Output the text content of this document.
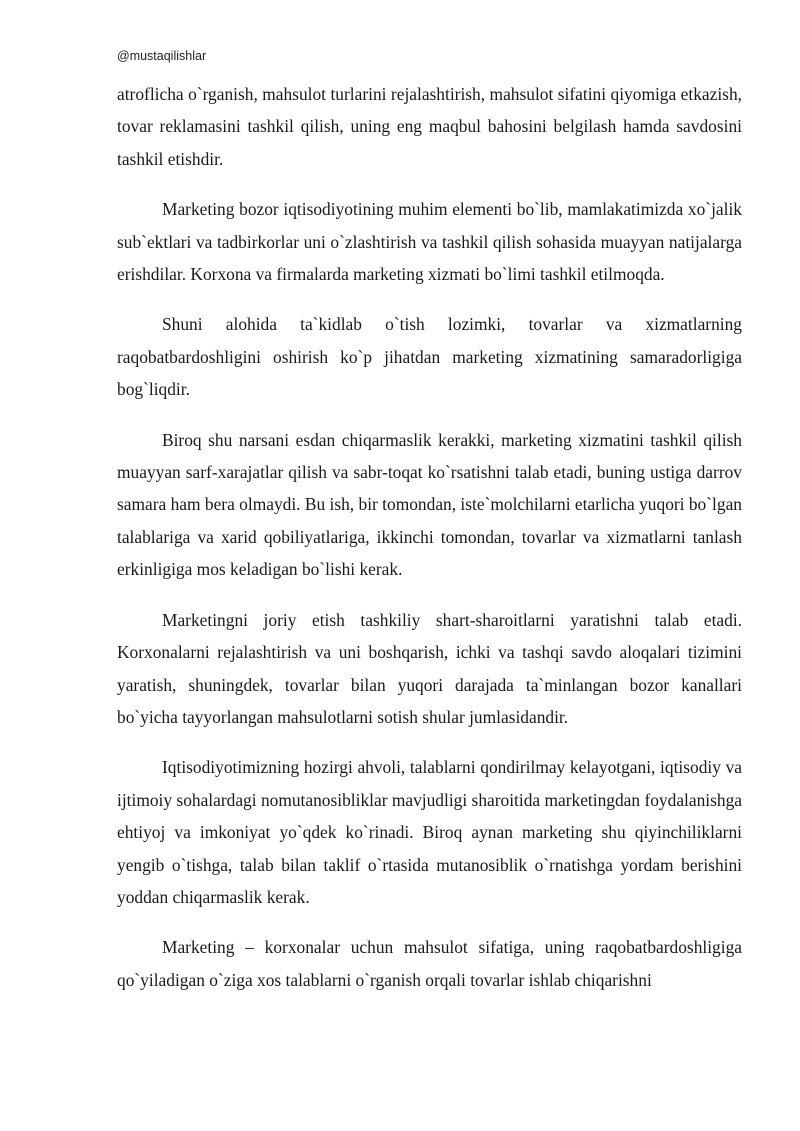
@mustaqilishlar

atroflicha o`rganish, mahsulot turlarini rejalashtirish, mahsulot sifatini qiyomiga etkazish, tovar reklamasini tashkil qilish, uning eng maqbul bahosini belgilash hamda savdosini tashkil etishdir.

Marketing bozor iqtisodiyotining muhim elementi bo`lib, mamlakatimizda xo`jalik sub`ektlari va tadbirkorlar uni o`zlashtirish va tashkil qilish sohasida muayyan natijalarga erishdilar. Korxona va firmalarda marketing xizmati bo`limi tashkil etilmoqda.

Shuni alohida ta`kidlab o`tish lozimki, tovarlar va xizmatlarning raqobatbardoshligini oshirish ko`p jihatdan marketing xizmatining samaradorligiga bog`liqdir.

Biroq shu narsani esdan chiqarmaslik kerakki, marketing xizmatini tashkil qilish muayyan sarf-xarajatlar qilish va sabr-toqat ko`rsatishni talab etadi, buning ustiga darrov samara ham bera olmaydi. Bu ish, bir tomondan, iste`molchilarni etarlicha yuqori bo`lgan talablariga va xarid qobiliyatlariga, ikkinchi tomondan, tovarlar va xizmatlarni tanlash erkinligiga mos keladigan bo`lishi kerak.

Marketingni joriy etish tashkiliy shart-sharoitlarni yaratishni talab etadi. Korxonalarni rejalashtirish va uni boshqarish, ichki va tashqi savdo aloqalari tizimini yaratish, shuningdek, tovarlar bilan yuqori darajada ta`minlangan bozor kanallari bo`yicha tayyorlangan mahsulotlarni sotish shular jumlasidandir.

Iqtisodiyotimizning hozirgi ahvoli, talablarni qondirilmay kelayotgani, iqtisodiy va ijtimoiy sohalardagi nomutanosibliklar mavjudligi sharoitida marketingdan foydalanishga ehtiyoj va imkoniyat yo`qdek ko`rinadi. Biroq aynan marketing shu qiyinchiliklarni yengib o`tishga, talab bilan taklif o`rtasida mutanosiblik o`rnatishga yordam berishini yoddan chiqarmaslik kerak.

Marketing – korxonalar uchun mahsulot sifatiga, uning raqobatbardoshligiga qo`yiladigan o`ziga xos talablarni o`rganish orqali tovarlar ishlab chiqarishni
